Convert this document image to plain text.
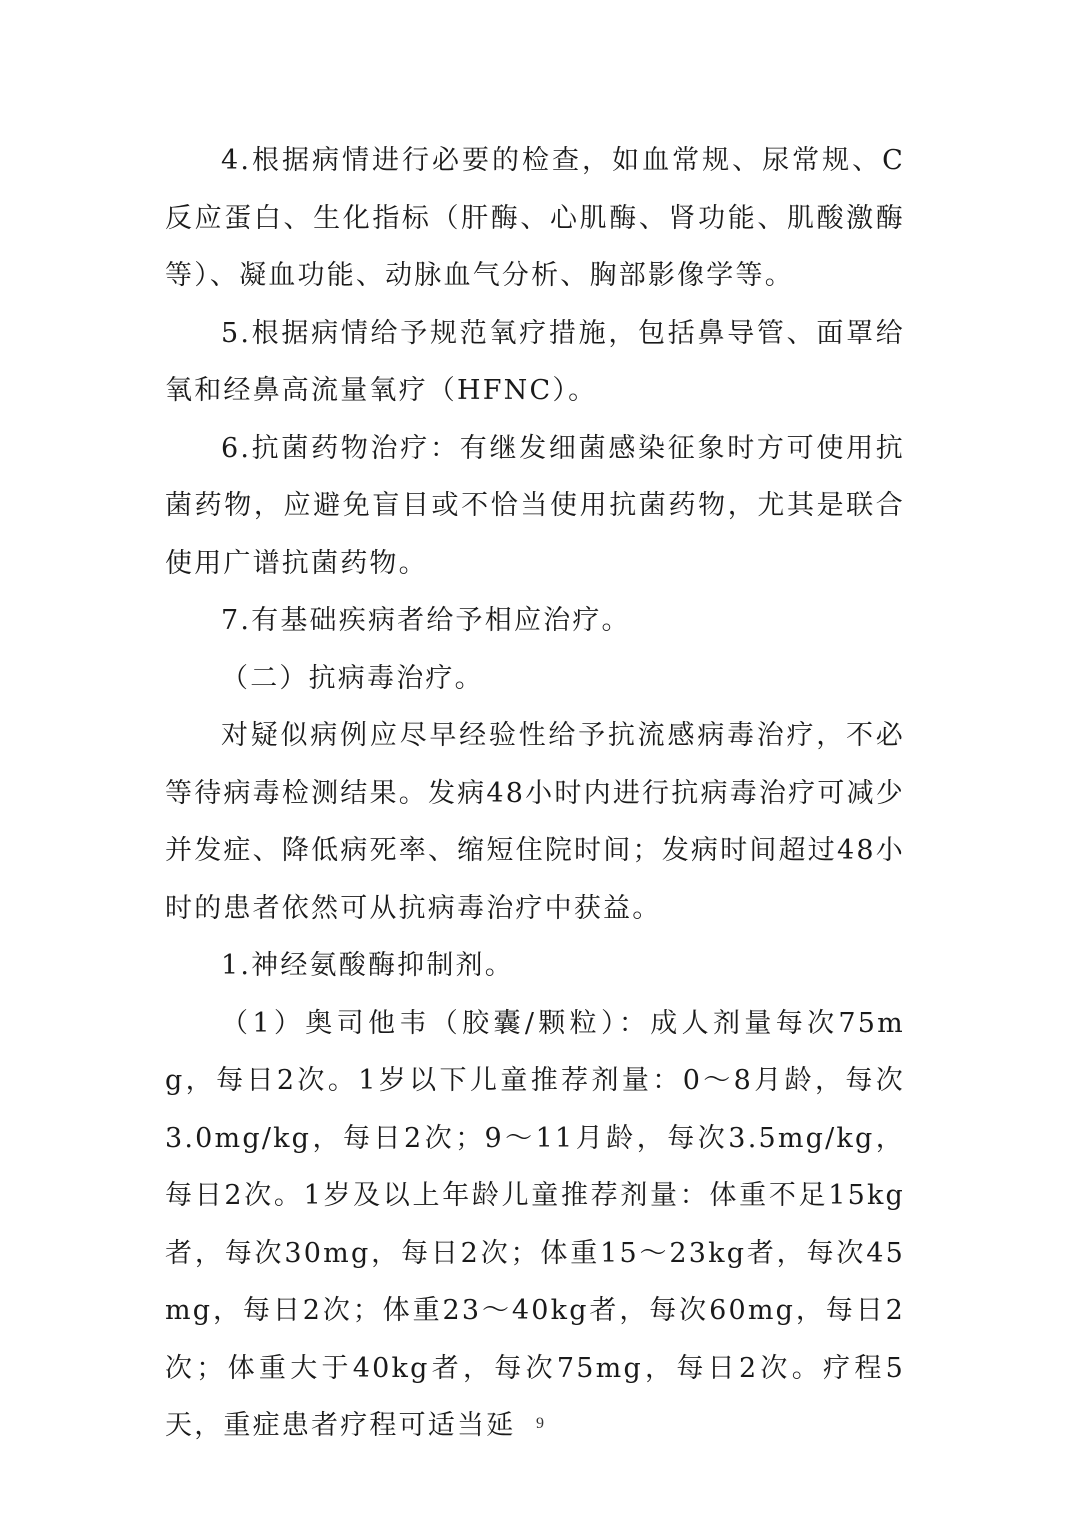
4.根据病情进行必要的检查，如血常规、尿常规、C反应蛋白、生化指标（肝酶、心肌酶、肾功能、肌酸激酶等）、凝血功能、动脉血气分析、胸部影像学等。

5.根据病情给予规范氧疗措施，包括鼻导管、面罩给氧和经鼻高流量氧疗（HFNC）。

6.抗菌药物治疗：有继发细菌感染征象时方可使用抗菌药物，应避免盲目或不恰当使用抗菌药物，尤其是联合使用广谱抗菌药物。

7.有基础疾病者给予相应治疗。

（二）抗病毒治疗。

对疑似病例应尽早经验性给予抗流感病毒治疗，不必等待病毒检测结果。发病48小时内进行抗病毒治疗可减少并发症、降低病死率、缩短住院时间；发病时间超过48小时的患者依然可从抗病毒治疗中获益。

1.神经氨酸酶抑制剂。

（1）奥司他韦（胶囊/颗粒）：成人剂量每次75mg，每日2次。1岁以下儿童推荐剂量：0～8月龄，每次3.0mg/kg，每日2次；9～11月龄，每次3.5mg/kg，每日2次。1岁及以上年龄儿童推荐剂量：体重不足15kg者，每次30mg，每日2次；体重15～23kg者，每次45mg，每日2次；体重23～40kg者，每次60mg，每日2次；体重大于40kg者，每次75mg，每日2次。疗程5天，重症患者疗程可适当延	9
